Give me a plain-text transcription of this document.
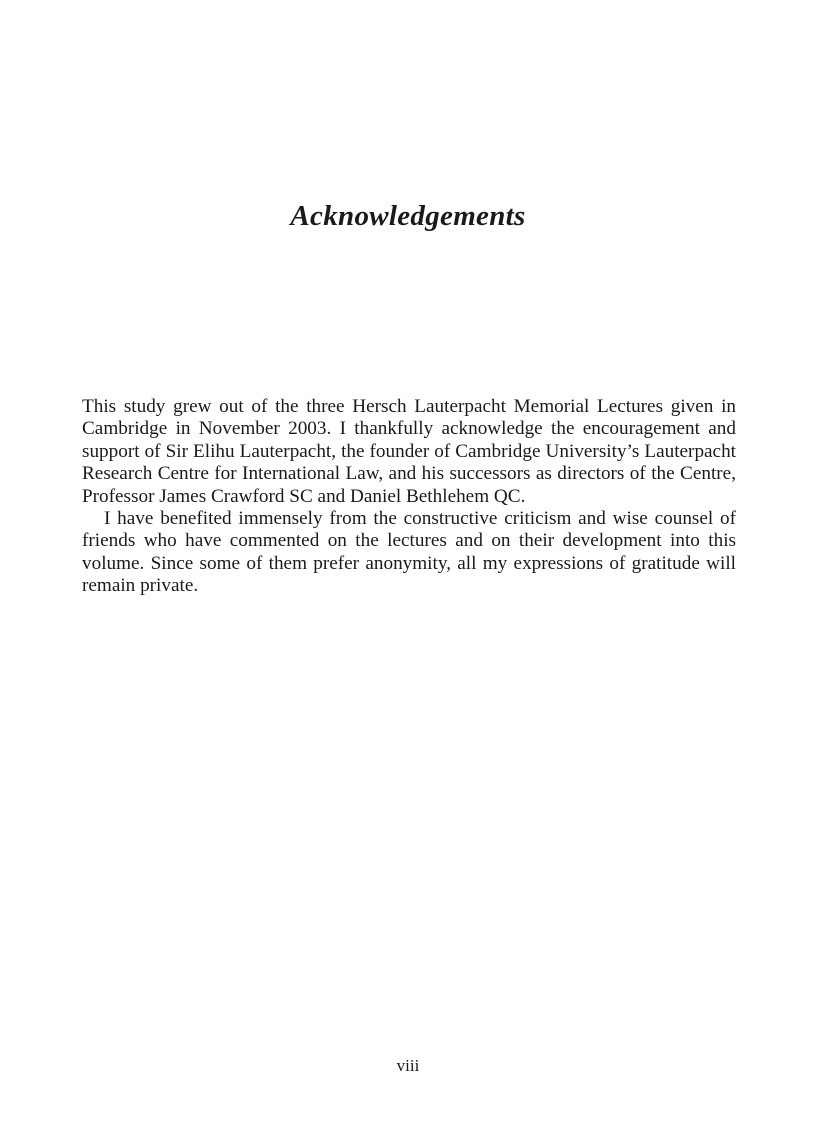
Acknowledgements

This study grew out of the three Hersch Lauterpacht Memorial Lectures given in Cambridge in November 2003. I thankfully acknowledge the encouragement and support of Sir Elihu Lauterpacht, the founder of Cambridge University’s Lauterpacht Research Centre for International Law, and his successors as directors of the Centre, Professor James Crawford SC and Daniel Bethlehem QC.

I have benefited immensely from the constructive criticism and wise counsel of friends who have commented on the lectures and on their development into this volume. Since some of them prefer anonymity, all my expressions of gratitude will remain private.

viii
